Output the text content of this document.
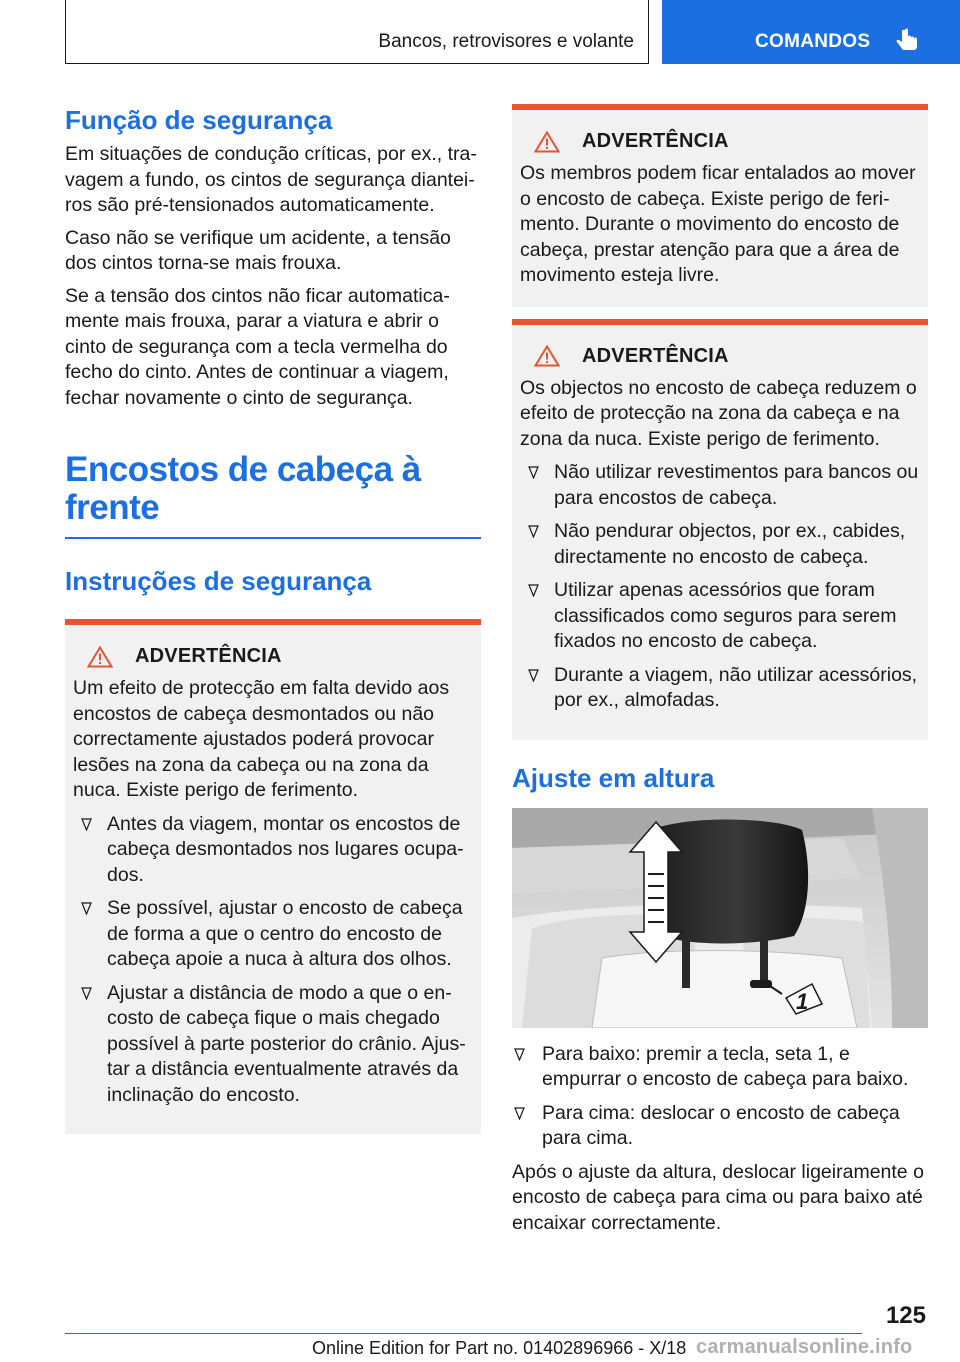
Bancos, retrovisores e volante	COMANDOS
Função de segurança

Em situações de condução críticas, por ex., travagem a fundo, os cintos de segurança dianteiros são pré-tensionados automaticamente.

Caso não se verifique um acidente, a tensão dos cintos torna-se mais frouxa.

Se a tensão dos cintos não ficar automaticamente mais frouxa, parar a viatura e abrir o cinto de segurança com a tecla vermelha do fecho do cinto. Antes de continuar a viagem, fechar novamente o cinto de segurança.

Encostos de cabeça à frente
Instruções de segurança
ADVERTÊNCIA

Um efeito de protecção em falta devido aos encostos de cabeça desmontados ou não correctamente ajustados poderá provocar lesões na zona da cabeça ou na zona da nuca. Existe perigo de ferimento.

Antes da viagem, montar os encostos de cabeça desmontados nos lugares ocupados.
Se possível, ajustar o encosto de cabeça de forma a que o centro do encosto de cabeça apoie a nuca à altura dos olhos.
Ajustar a distância de modo a que o encosto de cabeça fique o mais chegado possível à parte posterior do crânio. Ajustar a distância eventualmente através da inclinação do encosto.
ADVERTÊNCIA

Os membros podem ficar entalados ao mover o encosto de cabeça. Existe perigo de ferimento. Durante o movimento do encosto de cabeça, prestar atenção para que a área de movimento esteja livre.

ADVERTÊNCIA

Os objectos no encosto de cabeça reduzem o efeito de protecção na zona da cabeça e na zona da nuca. Existe perigo de ferimento.

Não utilizar revestimentos para bancos ou para encostos de cabeça.
Não pendurar objectos, por ex., cabides, directamente no encosto de cabeça.
Utilizar apenas acessórios que foram classificados como seguros para serem fixados no encosto de cabeça.
Durante a viagem, não utilizar acessórios, por ex., almofadas.
Ajuste em altura
1
Para baixo: premir a tecla, seta 1, e empurrar o encosto de cabeça para baixo.
Para cima: deslocar o encosto de cabeça para cima.

Após o ajuste da altura, deslocar ligeiramente o encosto de cabeça para cima ou para baixo até encaixar correctamente.

125
Online Edition for Part no. 01402896966 - X/18 carmanualsonline.info
